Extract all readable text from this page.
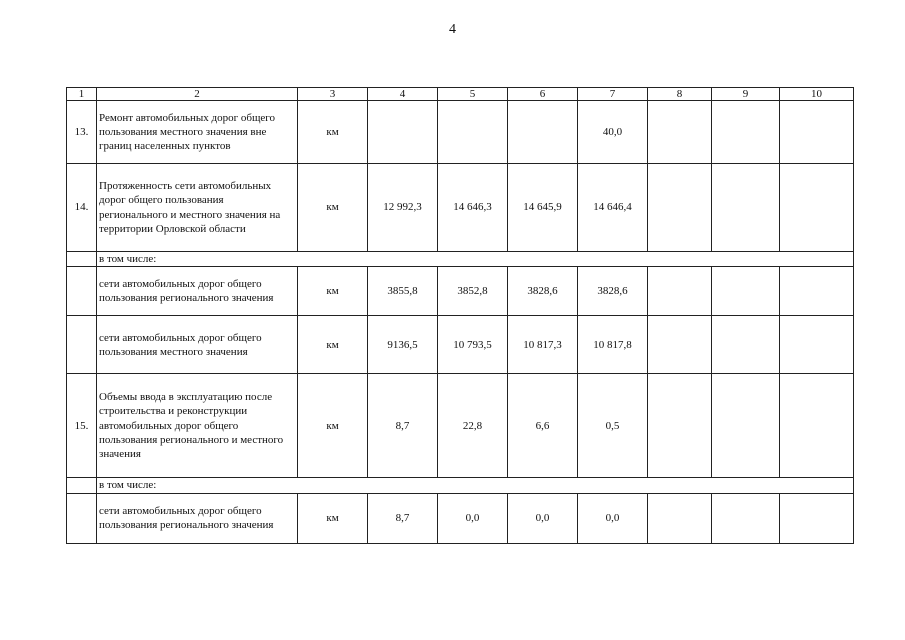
4
1	2	3	4	5	6	7	8	9	10
13.	Ремонт автомобильных дорог общего пользования местного значения вне границ населенных пунктов	км				40,0			
14.	Протяженность сети автомобильных дорог общего пользования регионального и местного значения на территории Орловской области	км	12 992,3	14 646,3	14 645,9	14 646,4			
	в том числе:								
	сети автомобильных дорог общего пользования регионального значения	км	3855,8	3852,8	3828,6	3828,6			
	сети автомобильных дорог общего пользования местного значения	км	9136,5	10 793,5	10 817,3	10 817,8			
15.	Объемы ввода в эксплуатацию после строительства и реконструкции автомобильных дорог общего пользования регионального и местного значения	км	8,7	22,8	6,6	0,5			
	в том числе:								
	сети автомобильных дорог общего пользования регионального значения	км	8,7	0,0	0,0	0,0			
